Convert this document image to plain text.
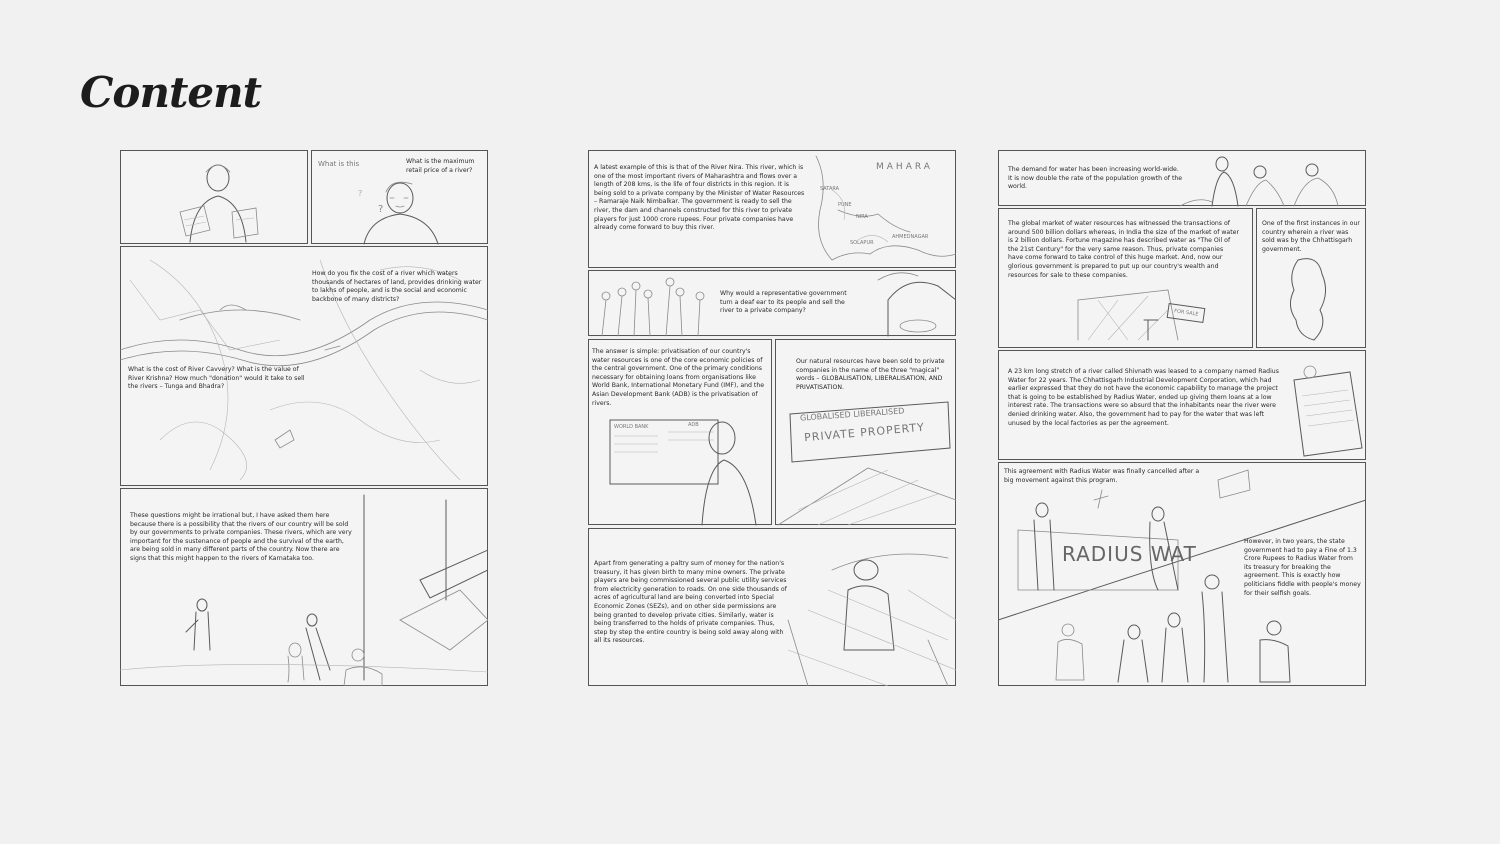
Content
?
?
What is this	What is the maximum retail price of a river?
How do you fix the cost of a river which waters thousands of hectares of land, provides drinking water to lakhs of people, and is the social and economic backbone of many districts?
What is the cost of River Cavvery? What is the value of River Krishna? How much "donation" would it take to sell the rivers – Tunga and Bhadra?
These questions might be irrational but, I have asked them here because there is a possibility that the rivers of our country will be sold by our governments to private companies. These rivers, which are very important for the sustenance of people and the survival of the earth, are being sold in many different parts of the country. Now there are signs that this might happen to the rivers of Karnataka too.
MAHARA
SATARA
PUNE
NIRA
SOLAPUR
AHMEDNAGAR
A latest example of this is that of the River Nira. This river, which is one of the most important rivers of Maharashtra and flows over a length of 208 kms, is the life of four districts in this region. It is being sold to a private company by the Minister of Water Resources – Ramaraje Naik Nimbalkar. The government is ready to sell the river, the dam and channels constructed for this river to private players for just 1000 crore rupees. Four private companies have already come forward to buy this river.
Why would a representative government turn a deaf ear to its people and sell the river to a private company?
The answer is simple: privatisation of our country's water resources is one of the core economic policies of the central government. One of the primary conditions necessary for obtaining loans from organisations like World Bank, International Monetary Fund (IMF), and the Asian Development Bank (ADB) is the privatisation of rivers.
WORLD BANK	ADB
Our natural resources have been sold to private companies in the name of the three "magical" words – GLOBALISATION, LIBERALISATION, AND PRIVATISATION.
GLOBALISED LIBERALISED
PRIVATE PROPERTY
Apart from generating a paltry sum of money for the nation's treasury, it has given birth to many mine owners. The private players are being commissioned several public utility services from electricity generation to roads. On one side thousands of acres of agricultural land are being converted into Special Economic Zones (SEZs), and on other side permissions are being granted to develop private cities. Similarly, water is being transferred to the holds of private companies. Thus, step by step the entire country is being sold away along with all its resources.
The demand for water has been increasing world-wide. It is now double the rate of the population growth of the world.
The global market of water resources has witnessed the transactions of around 500 billion dollars whereas, in India the size of the market of water is 2 billion dollars. Fortune magazine has described water as "The Oil of the 21st Century" for the very same reason. Thus, private companies have come forward to take control of this huge market. And, now our glorious government is prepared to put up our country's wealth and resources for sale to these companies.
FOR SALE
One of the first instances in our country wherein a river was sold was by the Chhattisgarh government.
A 23 km long stretch of a river called Shivnath was leased to a company named Radius Water for 22 years. The Chhattisgarh Industrial Development Corporation, which had earlier expressed that they do not have the economic capability to manage the project that is going to be established by Radius Water, ended up giving them loans at a low interest rate. The transactions were so absurd that the inhabitants near the river were denied drinking water. Also, the government had to pay for the water that was left unused by the local factories as per the agreement.
This agreement with Radius Water was finally cancelled after a big movement against this program.
RADIUS WAT
However, in two years, the state government had to pay a Fine of 1.3 Crore Rupees to Radius Water from its treasury for breaking the agreement. This is exactly how politicians fiddle with people's money for their selfish goals.
